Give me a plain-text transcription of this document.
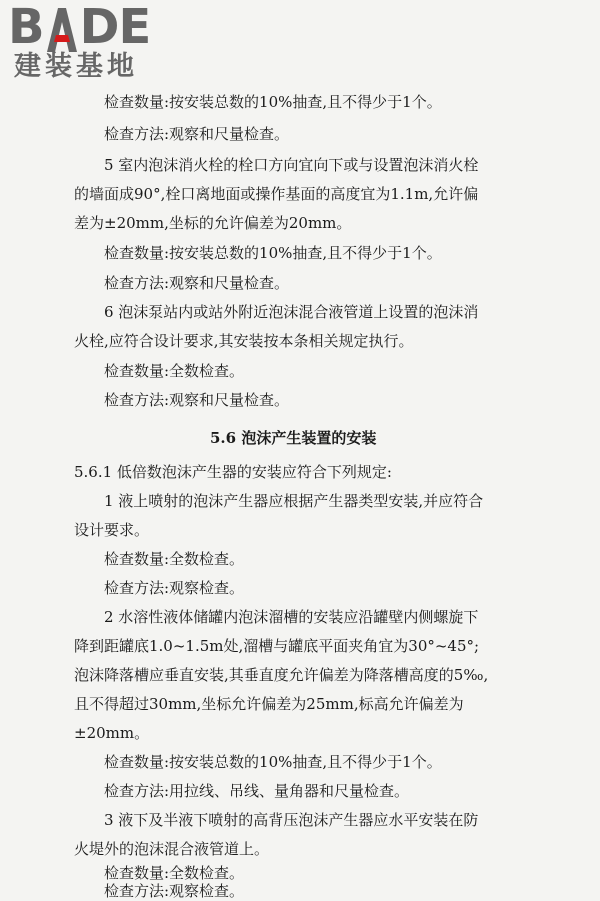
B DE
建装基地
检查数量:按安装总数的10%抽查,且不得少于1个。
检查方法:观察和尺量检查。
5 室内泡沫消火栓的栓口方向宜向下或与设置泡沫消火栓
的墙面成90°,栓口离地面或操作基面的高度宜为1.1m,允许偏
差为±20mm,坐标的允许偏差为20mm。
检查数量:按安装总数的10%抽查,且不得少于1个。
检查方法:观察和尺量检查。
6 泡沫泵站内或站外附近泡沫混合液管道上设置的泡沫消
火栓,应符合设计要求,其安装按本条相关规定执行。
检查数量:全数检查。
检查方法:观察和尺量检查。
5.6 泡沫产生装置的安装
5.6.1 低倍数泡沫产生器的安装应符合下列规定:
1 液上喷射的泡沫产生器应根据产生器类型安装,并应符合
设计要求。
检查数量:全数检查。
检查方法:观察检查。
2 水溶性液体储罐内泡沫溜槽的安装应沿罐壁内侧螺旋下
降到距罐底1.0~1.5m处,溜槽与罐底平面夹角宜为30°~45°;
泡沫降落槽应垂直安装,其垂直度允许偏差为降落槽高度的5‰,
且不得超过30mm,坐标允许偏差为25mm,标高允许偏差为
±20mm。
检查数量:按安装总数的10%抽查,且不得少于1个。
检查方法:用拉线、吊线、量角器和尺量检查。
3 液下及半液下喷射的高背压泡沫产生器应水平安装在防
火堤外的泡沫混合液管道上。
检查数量:全数检查。
检查方法:观察检查。
